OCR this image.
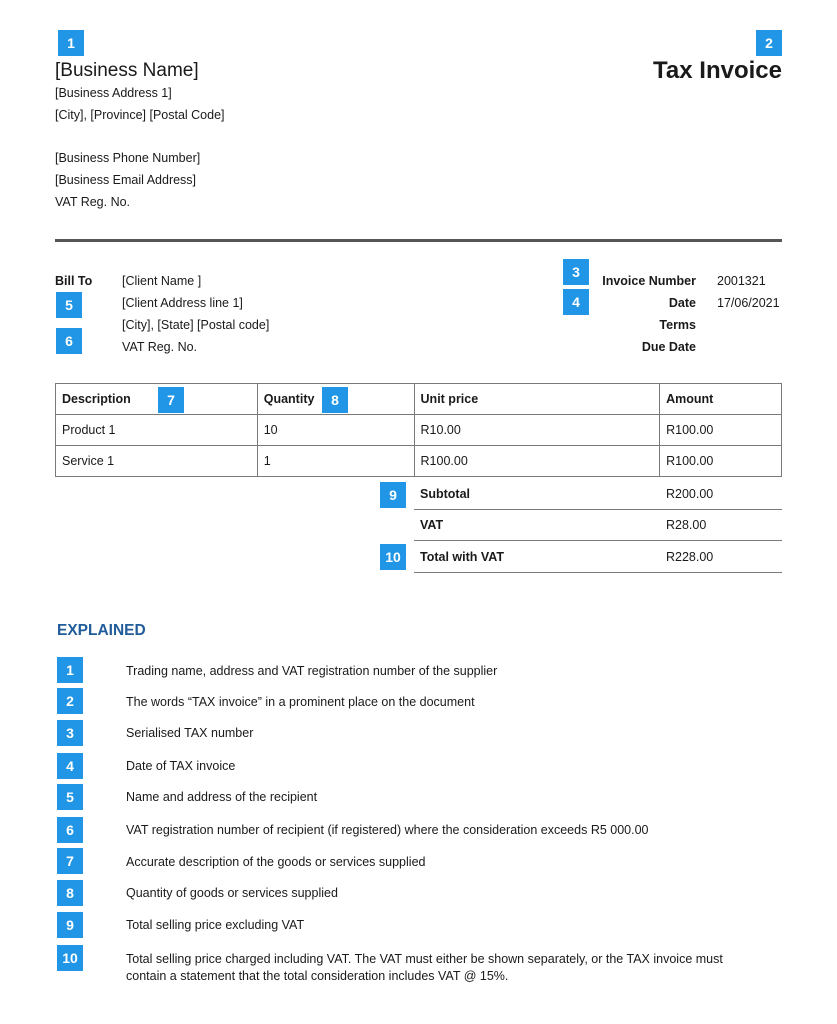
1	2
[Business Name]
[Business Address 1]
[City], [Province] [Postal Code]
[Business Phone Number]
[Business Email Address]
VAT Reg. No.
Tax Invoice
Bill To [Client Name ]
5	[Client Address line 1]
[City], [State] [Postal code]
6	VAT Reg. No.
3
Invoice Number 2001321
4	Date 17/06/2021
Terms
Due Date
Description	Quantity	Unit price	Amount
Product 1	10	R10.00	R100.00
Service 1	1	R100.00	R100.00
7	8
9	Subtotal	R200.00
VAT	R28.00
10	Total with VAT	R228.00
EXPLAINED
1	Trading name, address and VAT registration number of the supplier
2	The words “TAX invoice” in a prominent place on the document
3	Serialised TAX number
4	Date of TAX invoice
5	Name and address of the recipient
6	VAT registration number of recipient (if registered) where the consideration exceeds R5 000.00
7	Accurate description of the goods or services supplied
8	Quantity of goods or services supplied
9	Total selling price excluding VAT
10	Total selling price charged including VAT. The VAT must either be shown separately, or the TAX invoice must contain a statement that the total consideration includes VAT @ 15%.
